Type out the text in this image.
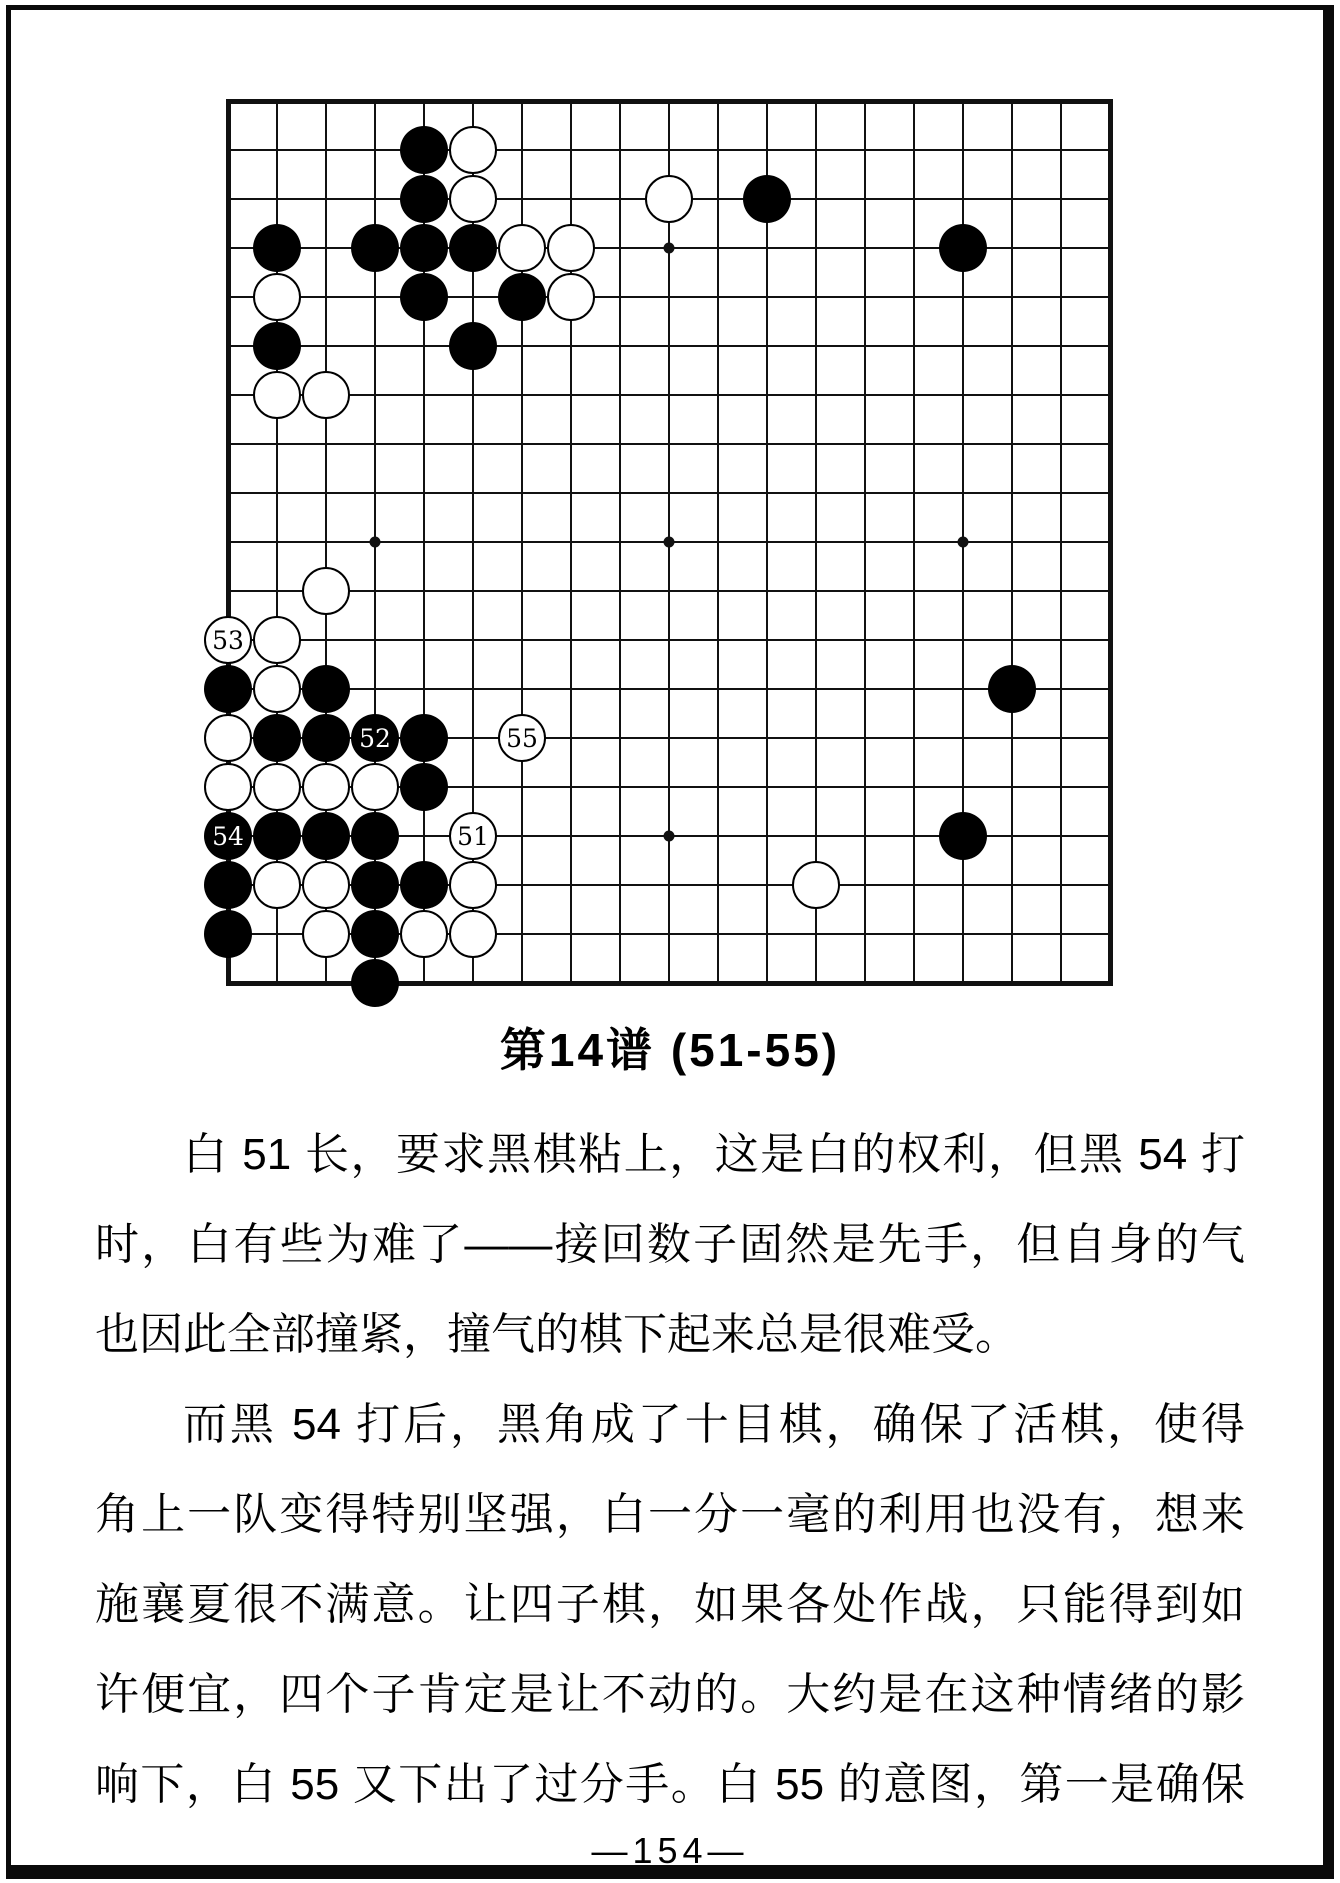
53
52	55
54	51
第14谱 (51-55)
白 51 长，要求黑棋粘上，这是白的权利，但黑 54 打
时，白有些为难了——接回数子固然是先手，但自身的气
也因此全部撞紧，撞气的棋下起来总是很难受。
而黑 54 打后，黑角成了十目棋，确保了活棋，使得
角上一队变得特别坚强，白一分一毫的利用也没有，想来
施襄夏很不满意。让四子棋，如果各处作战，只能得到如
许便宜，四个子肯定是让不动的。大约是在这种情绪的影
响下，白 55 又下出了过分手。白 55 的意图，第一是确保
—154—
